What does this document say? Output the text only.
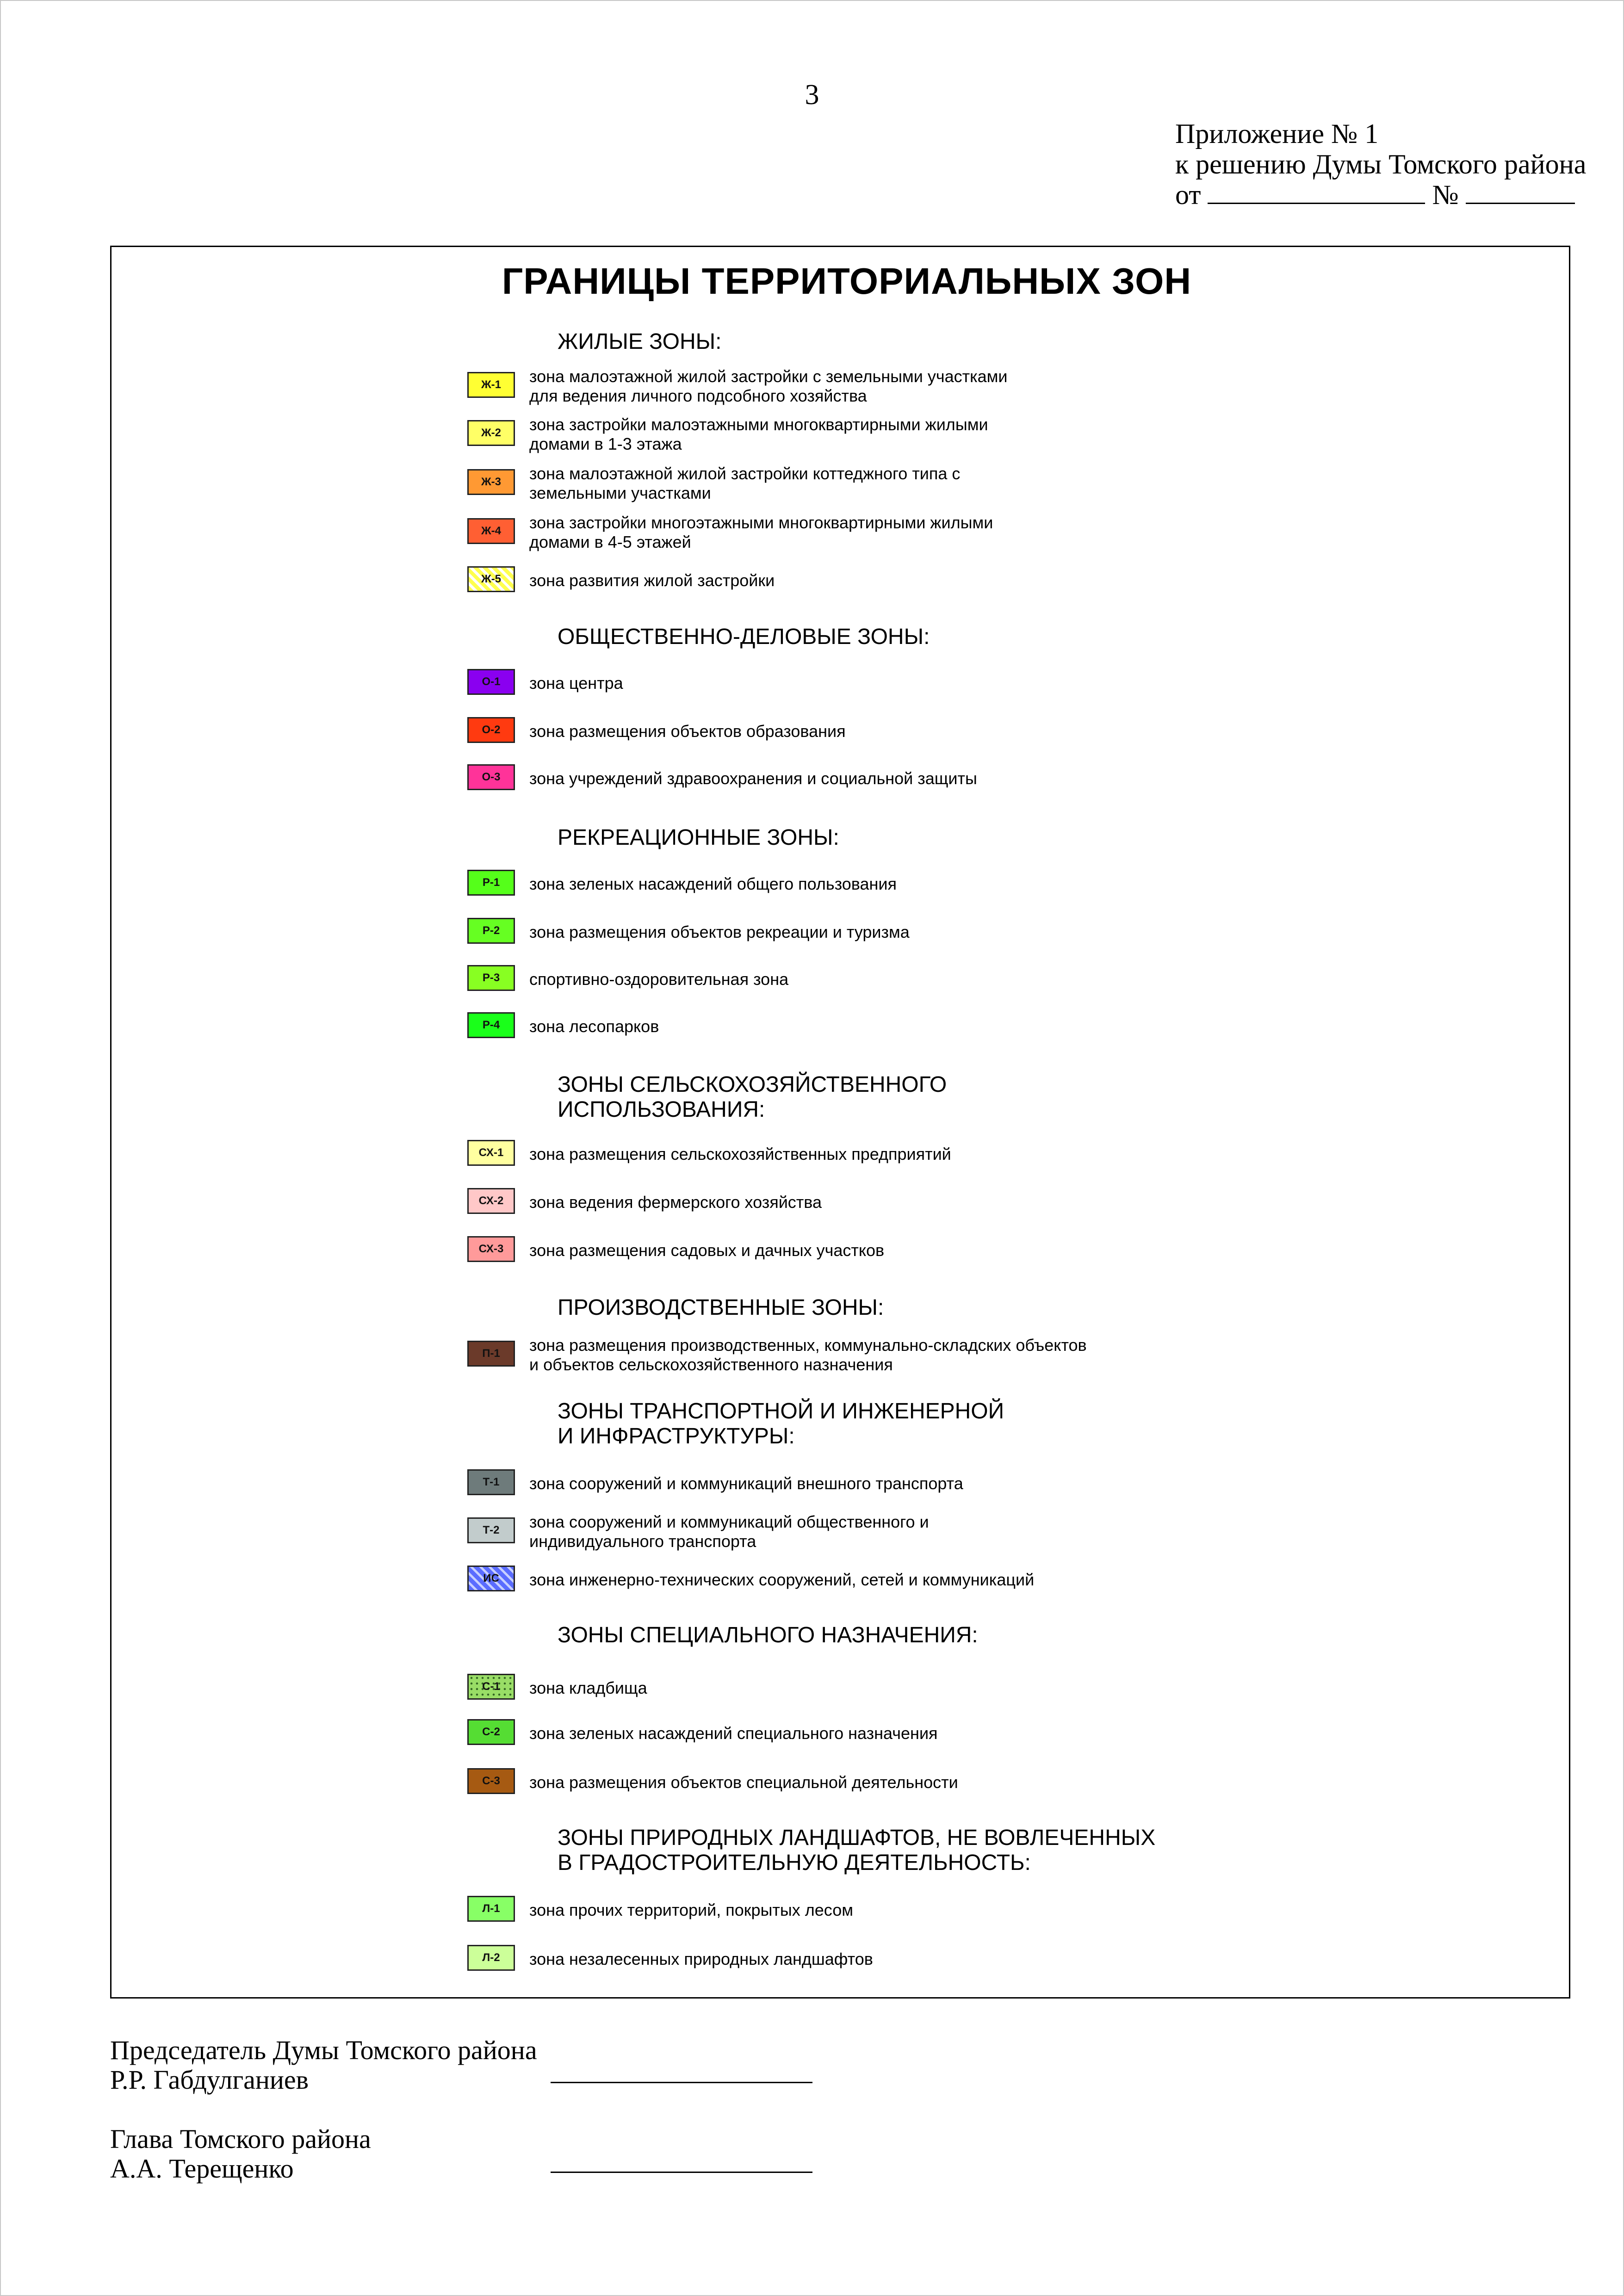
3
Приложение № 1
к решению Думы Томского района
от	№
ГРАНИЦЫ ТЕРРИТОРИАЛЬНЫХ ЗОН
ЖИЛЫЕ ЗОНЫ:
Ж-1 зона малоэтажной жилой застройки с земельными участками
для ведения личного подсобного хозяйства
Ж-2 зона застройки малоэтажными многоквартирными жилыми
домами в 1-3 этажа
Ж-3 зона малоэтажной жилой застройки коттеджного типа с
земельными участками
Ж-4 зона застройки многоэтажными многоквартирными жилыми
домами в 4-5 этажей
Ж-5 зона развития жилой застройки
ОБЩЕСТВЕННО-ДЕЛОВЫЕ ЗОНЫ:
О-1 зона центра
О-2 зона размещения объектов образования
О-3 зона учреждений здравоохранения и социальной защиты
РЕКРЕАЦИОННЫЕ ЗОНЫ:
Р-1 зона зеленых насаждений общего пользования
Р-2 зона размещения объектов рекреации и туризма
Р-3 спортивно-оздоровительная зона
Р-4 зона лесопарков
ЗОНЫ СЕЛЬСКОХОЗЯЙСТВЕННОГО
ИСПОЛЬЗОВАНИЯ:
СХ-1 зона размещения сельскохозяйственных предприятий
СХ-2 зона ведения фермерского хозяйства
СХ-3 зона размещения садовых и дачных участков
ПРОИЗВОДСТВЕННЫЕ ЗОНЫ:
П-1 зона размещения производственных, коммунально-складских объектов
и объектов сельскохозяйственного назначения
ЗОНЫ ТРАНСПОРТНОЙ И ИНЖЕНЕРНОЙ
И ИНФРАСТРУКТУРЫ:
Т-1 зона сооружений и коммуникаций внешного транспорта
Т-2 зона сооружений и коммуникаций общественного и
индивидуального транспорта
ИС зона инженерно-технических сооружений, сетей и коммуникаций
ЗОНЫ СПЕЦИАЛЬНОГО НАЗНАЧЕНИЯ:
С-1 зона кладбища
С-2 зона зеленых насаждений специального назначения
С-3 зона размещения объектов специальной деятельности
ЗОНЫ ПРИРОДНЫХ ЛАНДШАФТОВ, НЕ ВОВЛЕЧЕННЫХ
В ГРАДОСТРОИТЕЛЬНУЮ ДЕЯТЕЛЬНОСТЬ:
Л-1 зона прочих территорий, покрытых лесом
Л-2 зона незалесенных природных ландшафтов
Председатель Думы Томского района
Р.Р. Габдулганиев
Глава Томского района
А.А. Терещенко
